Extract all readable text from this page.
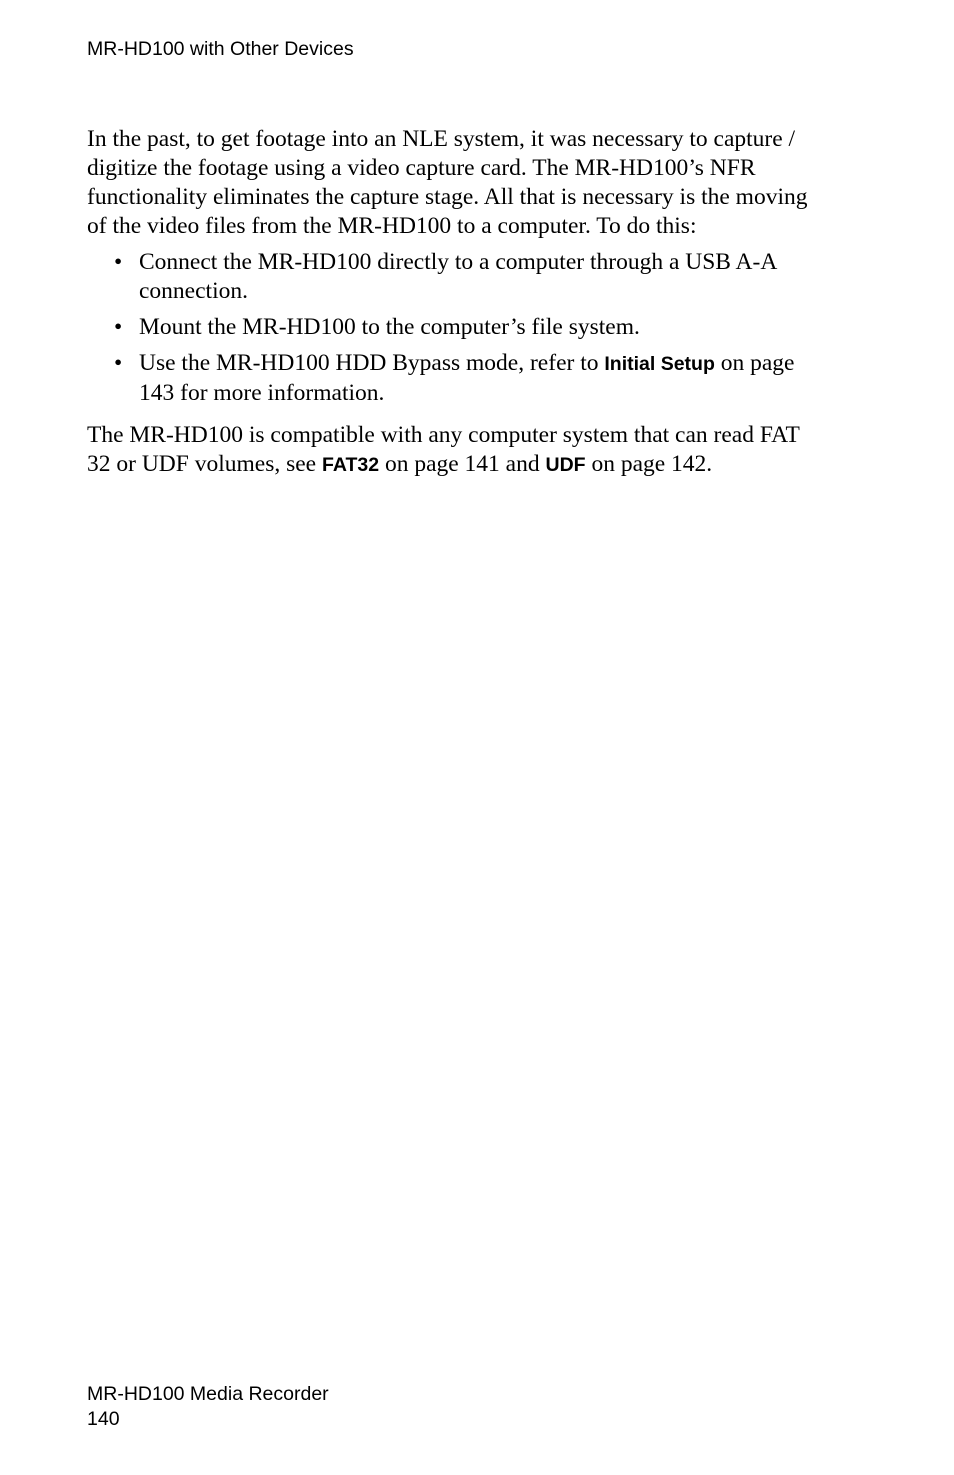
MR-HD100 with Other Devices

In the past, to get footage into an NLE system, it was necessary to capture / digitize the footage using a video capture card. The MR-HD100’s NFR functionality eliminates the capture stage. All that is necessary is the moving of the video files from the MR-HD100 to a computer. To do this:

• Connect the MR-HD100 directly to a computer through a USB A-A connection.
• Mount the MR-HD100 to the computer’s file system.
• Use the MR-HD100 HDD Bypass mode, refer to Initial Setup on page 143 for more information.

The MR-HD100 is compatible with any computer system that can read FAT 32 or UDF volumes, see FAT32 on page 141 and UDF on page 142.

MR-HD100 Media Recorder
140
